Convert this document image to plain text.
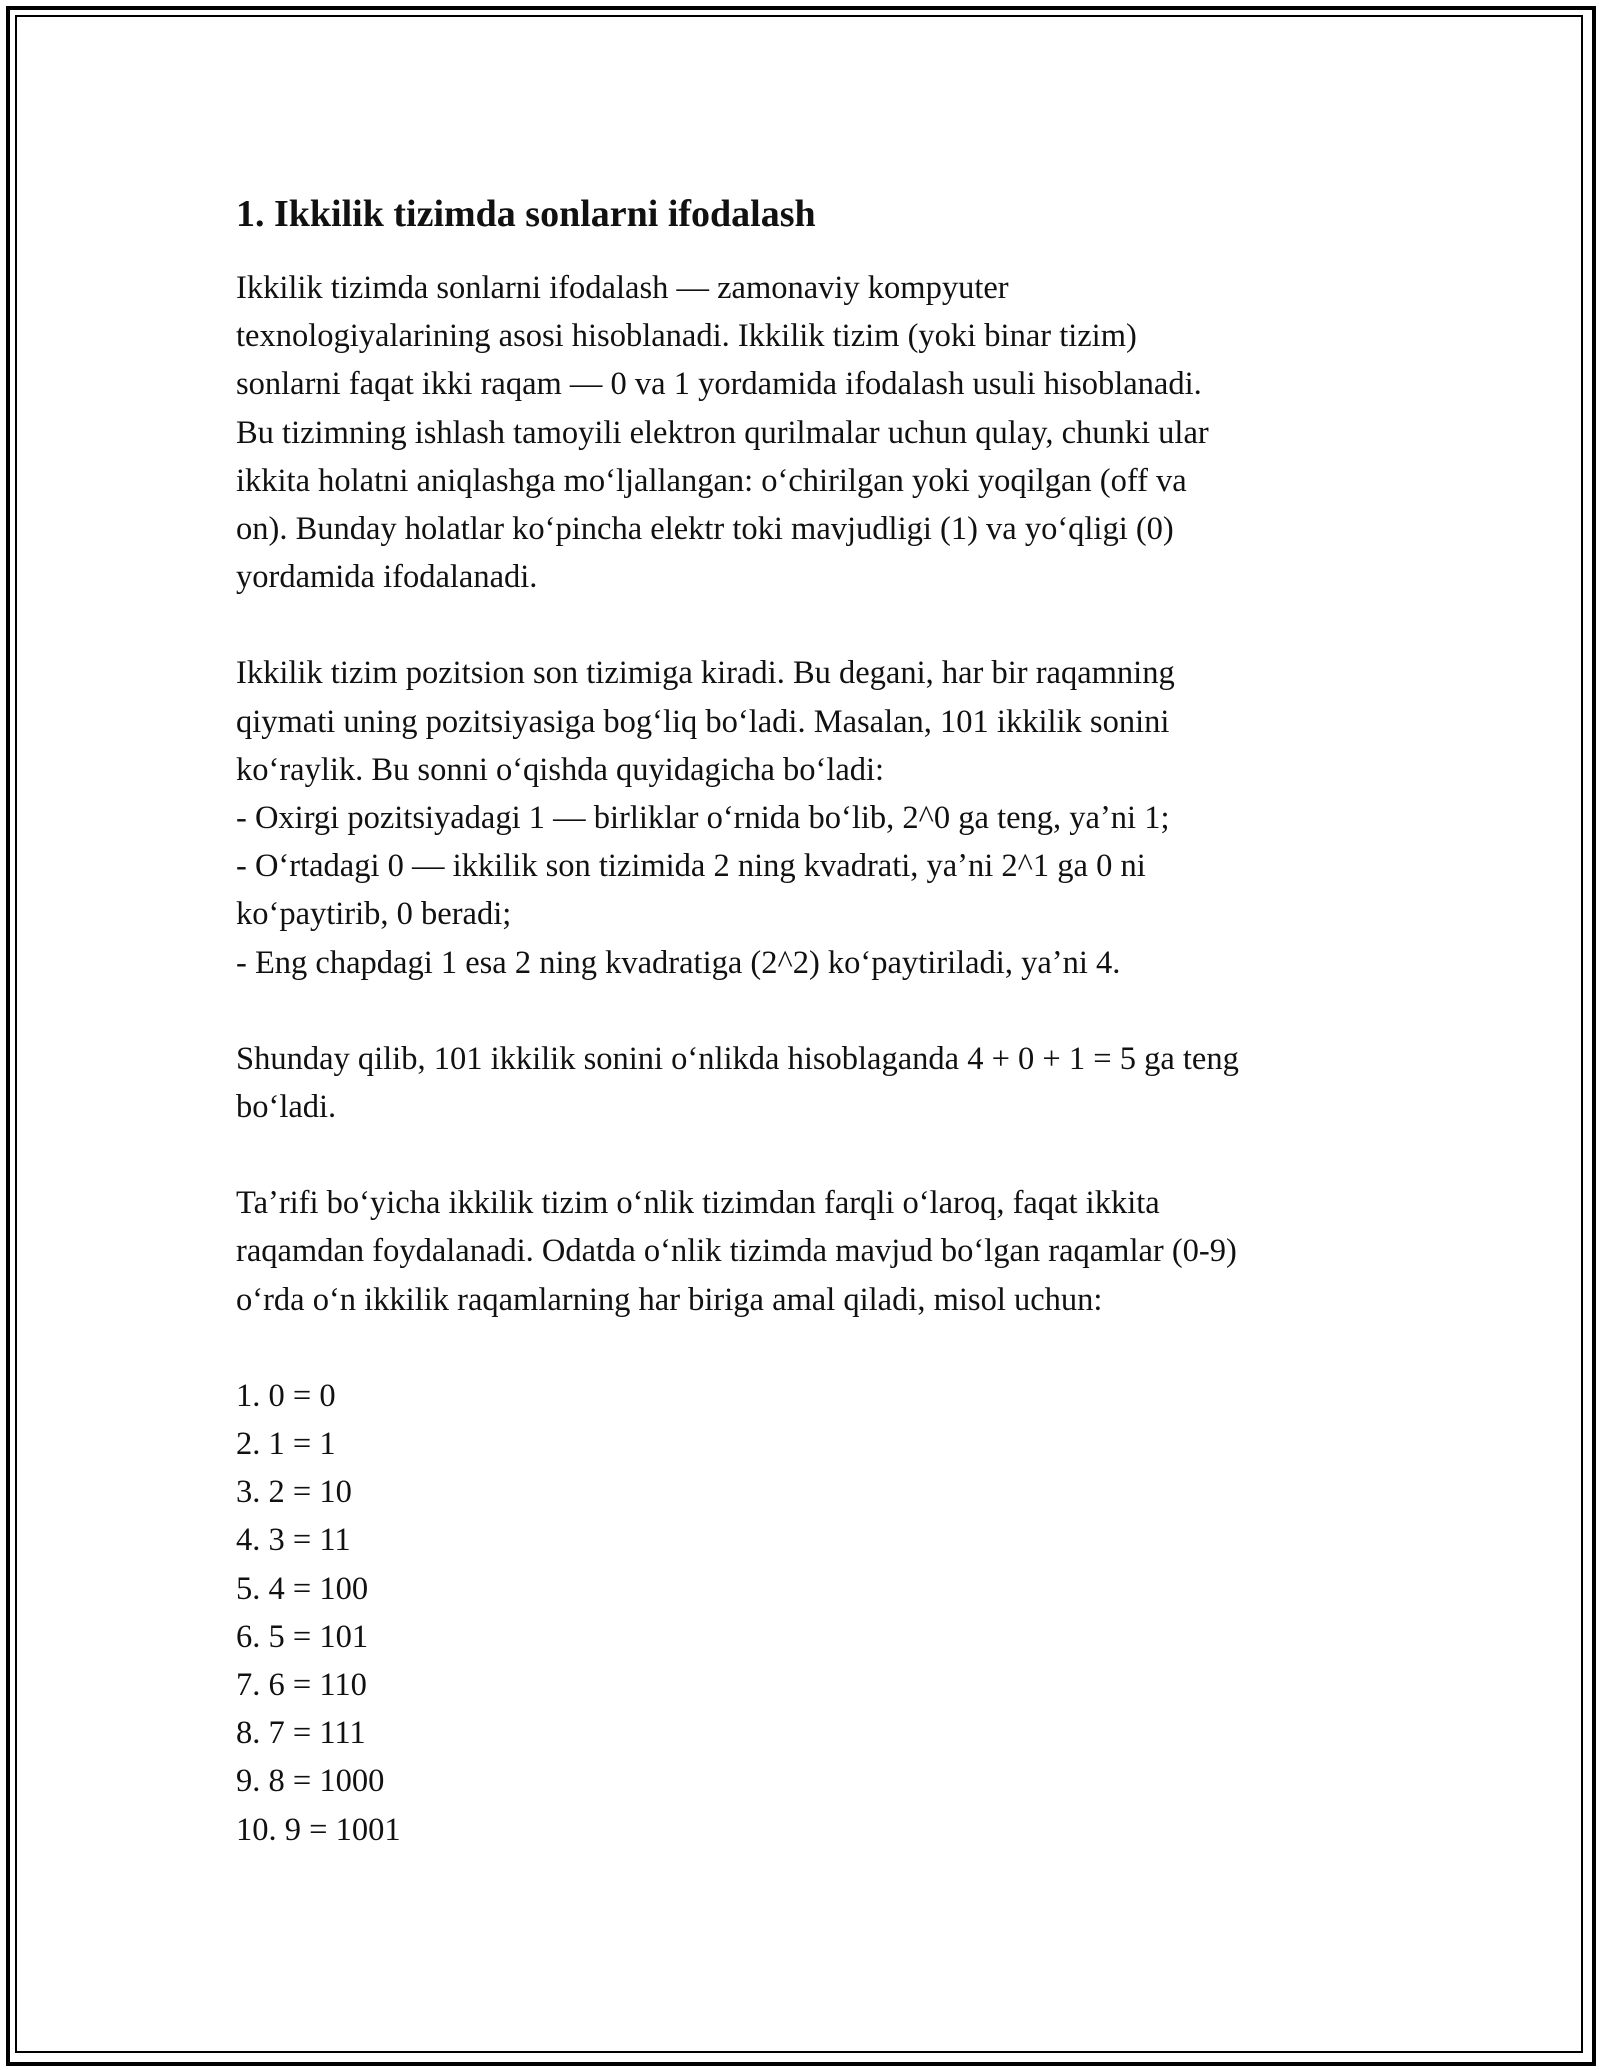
1. Ikkilik tizimda sonlarni ifodalash

Ikkilik tizimda sonlarni ifodalash — zamonaviy kompyuter
texnologiyalarining asosi hisoblanadi. Ikkilik tizim (yoki binar tizim)
sonlarni faqat ikki raqam — 0 va 1 yordamida ifodalash usuli hisoblanadi.
Bu tizimning ishlash tamoyili elektron qurilmalar uchun qulay, chunki ular
ikkita holatni aniqlashga moʻljallangan: oʻchirilgan yoki yoqilgan (off va
on). Bunday holatlar koʻpincha elektr toki mavjudligi (1) va yoʻqligi (0)
yordamida ifodalanadi.

Ikkilik tizim pozitsion son tizimiga kiradi. Bu degani, har bir raqamning
qiymati uning pozitsiyasiga bogʻliq boʻladi. Masalan, 101 ikkilik sonini
koʻraylik. Bu sonni oʻqishda quyidagicha boʻladi:
- Oxirgi pozitsiyadagi 1 — birliklar oʻrnida boʻlib, 2^0 ga teng, yaʼni 1;
- Oʻrtadagi 0 — ikkilik son tizimida 2 ning kvadrati, yaʼni 2^1 ga 0 ni
koʻpaytirib, 0 beradi;
- Eng chapdagi 1 esa 2 ning kvadratiga (2^2) koʻpaytiriladi, yaʼni 4.

Shunday qilib, 101 ikkilik sonini oʻnlikda hisoblaganda 4 + 0 + 1 = 5 ga teng
boʻladi.

Taʼrifi boʻyicha ikkilik tizim oʻnlik tizimdan farqli oʻlaroq, faqat ikkita
raqamdan foydalanadi. Odatda oʻnlik tizimda mavjud boʻlgan raqamlar (0-9)
oʻrda oʻn ikkilik raqamlarning har biriga amal qiladi, misol uchun:

1. 0 = 0
2. 1 = 1
3. 2 = 10
4. 3 = 11
5. 4 = 100
6. 5 = 101
7. 6 = 110
8. 7 = 111
9. 8 = 1000
10. 9 = 1001
